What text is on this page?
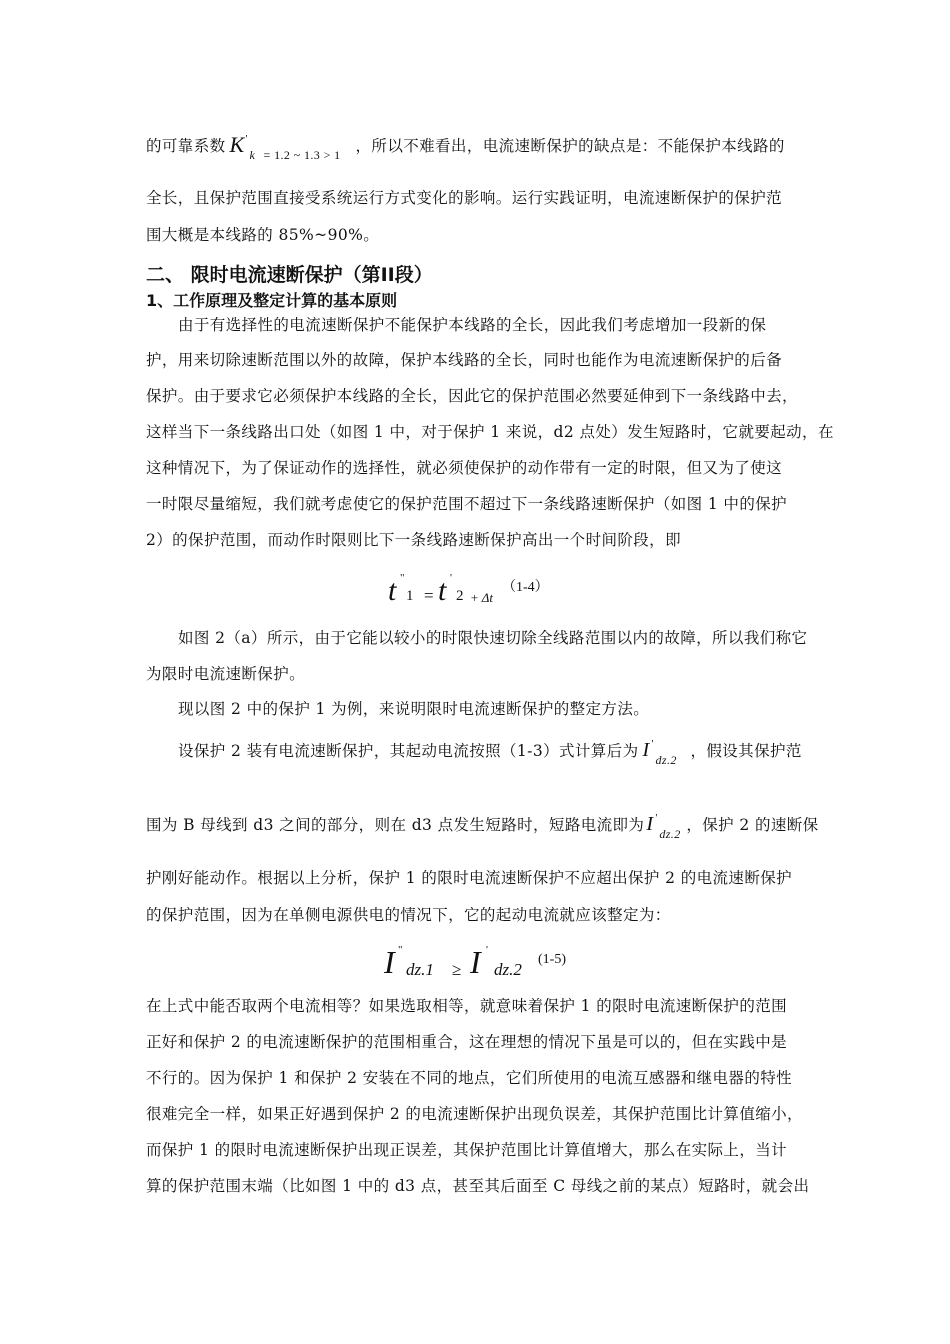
的可靠系数 K '
k = 1.2 ~ 1.3 > 1 ，所以不难看出，电流速断保护的缺点是：不能保护本线路的
全长，且保护范围直接受系统运行方式变化的影响。运行实践证明，电流速断保护的保护范
围大概是本线路的 85%~90%。
二、 限时电流速断保护（第II段）
1、工作原理及整定计算的基本原则
由于有选择性的电流速断保护不能保护本线路的全长，因此我们考虑增加一段新的保
护，用来切除速断范围以外的故障，保护本线路的全长，同时也能作为电流速断保护的后备
保护。由于要求它必须保护本线路的全长，因此它的保护范围必然要延伸到下一条线路中去，
这样当下一条线路出口处（如图 1 中，对于保护 1 来说，d2 点处）发生短路时，它就要起动，在
这种情况下，为了保证动作的选择性，就必须使保护的动作带有一定的时限，但又为了使这
一时限尽量缩短，我们就考虑使它的保护范围不超过下一条线路速断保护（如图 1 中的保护
2）的保护范围，而动作时限则比下一条线路速断保护高出一个时间阶段，即
t "
1 = t '
2 + Δt
（1-4）
如图 2（a）所示，由于它能以较小的时限快速切除全线路范围以内的故障，所以我们称它
为限时电流速断保护。
现以图 2 中的保护 1 为例，来说明限时电流速断保护的整定方法。
设保护 2 装有电流速断保护，其起动电流按照（1-3）式计算后为 I '
dz.2 ，假设其保护范
围为 B 母线到 d3 之间的部分，则在 d3 点发生短路时，短路电流即为 I '
dz.2 ，保护 2 的速断保
护刚好能动作。根据以上分析，保护 1 的限时电流速断保护不应超出保护 2 的电流速断保护
的保护范围，因为在单侧电源供电的情况下，它的起动电流就应该整定为：
I "
dz.1 ≥ I '
dz.2
(1-5)
在上式中能否取两个电流相等？如果选取相等，就意味着保护 1 的限时电流速断保护的范围
正好和保护 2 的电流速断保护的范围相重合，这在理想的情况下虽是可以的，但在实践中是
不行的。因为保护 1 和保护 2 安装在不同的地点，它们所使用的电流互感器和继电器的特性
很难完全一样，如果正好遇到保护 2 的电流速断保护出现负误差，其保护范围比计算值缩小，
而保护 1 的限时电流速断保护出现正误差，其保护范围比计算值增大，那么在实际上，当计
算的保护范围末端（比如图 1 中的 d3 点，甚至其后面至 C 母线之前的某点）短路时，就会出
